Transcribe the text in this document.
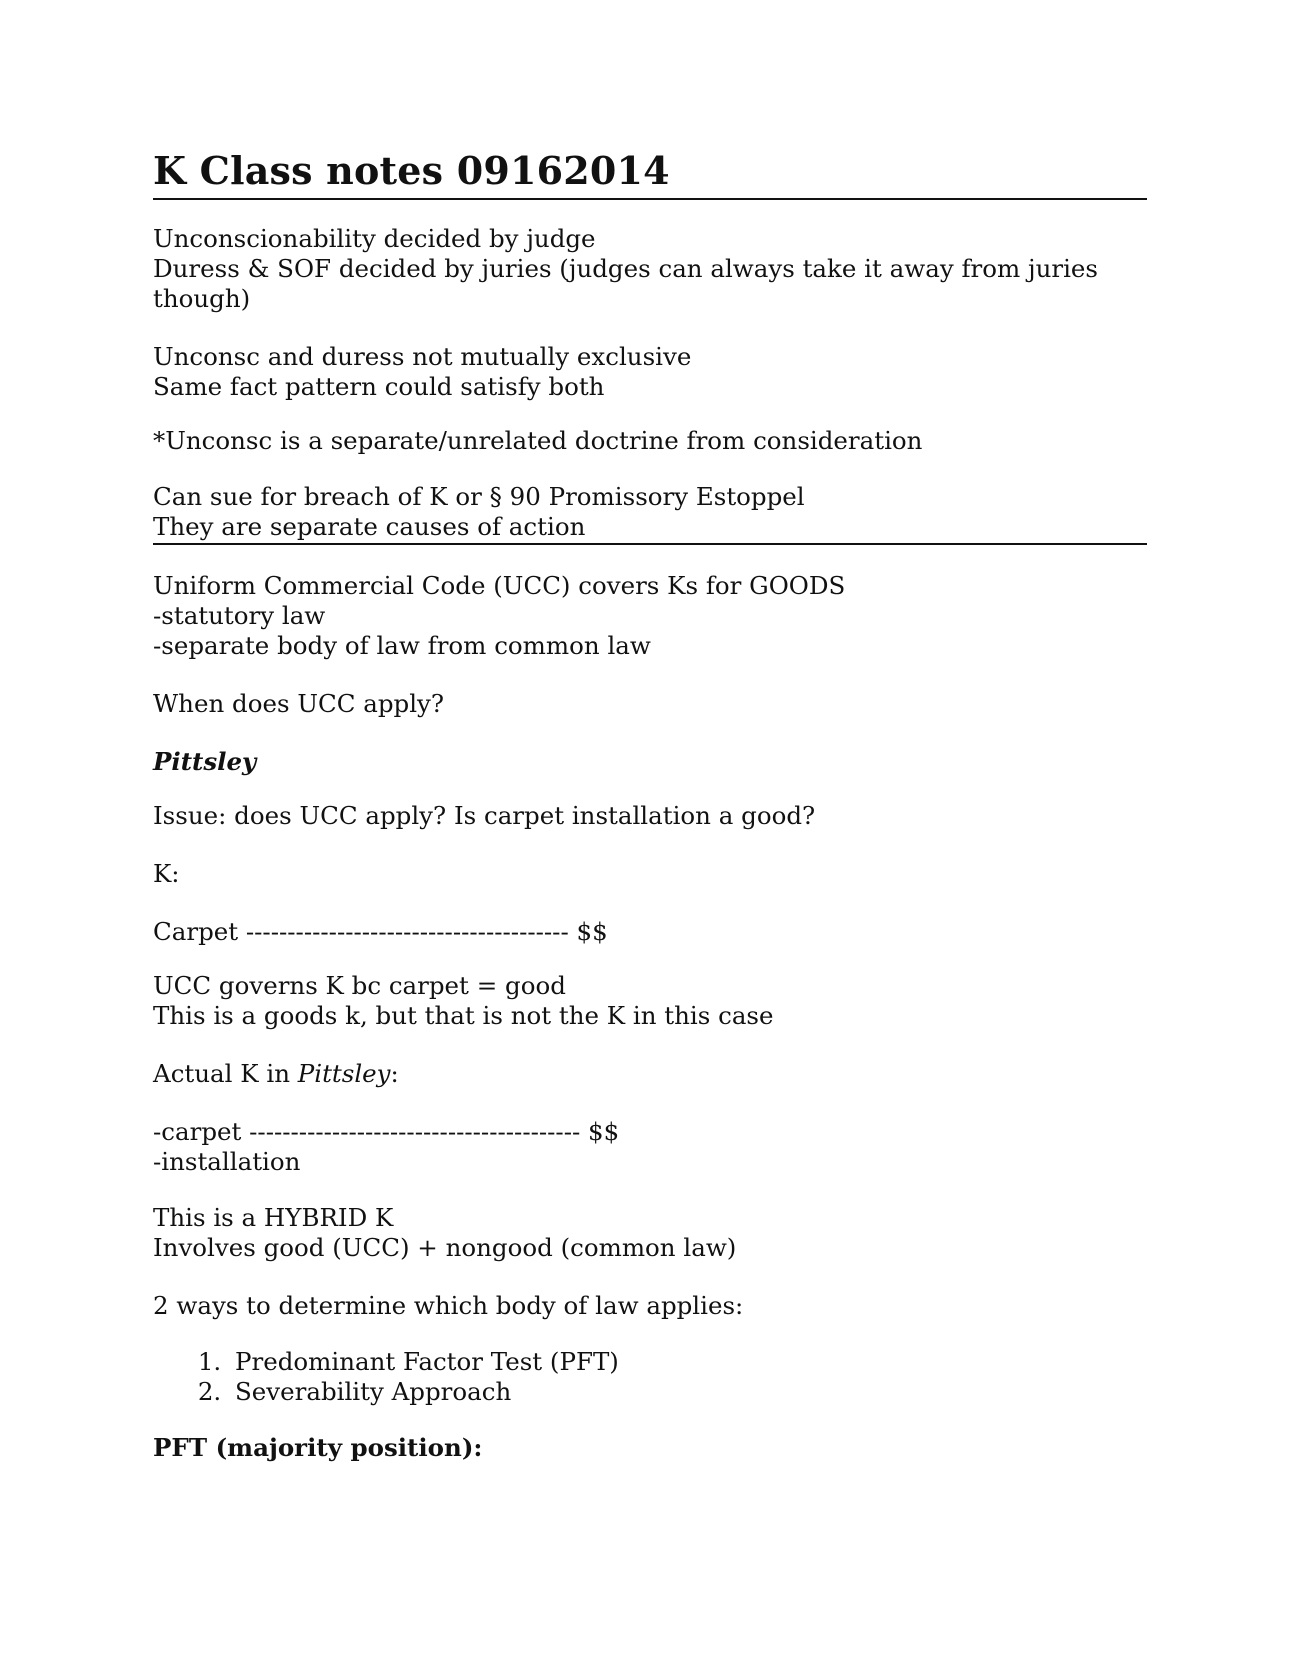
K Class notes 09162014

Unconscionability decided by judge
Duress & SOF decided by juries (judges can always take it away from juries though)

Unconsc and duress not mutually exclusive
Same fact pattern could satisfy both

*Unconsc is a separate/unrelated doctrine from consideration

Can sue for breach of K or § 90 Promissory Estoppel
They are separate causes of action

Uniform Commercial Code (UCC) covers Ks for GOODS
-statutory law
-separate body of law from common law

When does UCC apply?

Pittsley

Issue: does UCC apply? Is carpet installation a good?

K:

Carpet --------------------------------------- $$

UCC governs K bc carpet = good
This is a goods k, but that is not the K in this case

Actual K in Pittsley:

-carpet ---------------------------------------- $$
-installation

This is a HYBRID K
Involves good (UCC) + nongood (common law)

2 ways to determine which body of law applies:

1. Predominant Factor Test (PFT)
2. Severability Approach

PFT (majority position):
